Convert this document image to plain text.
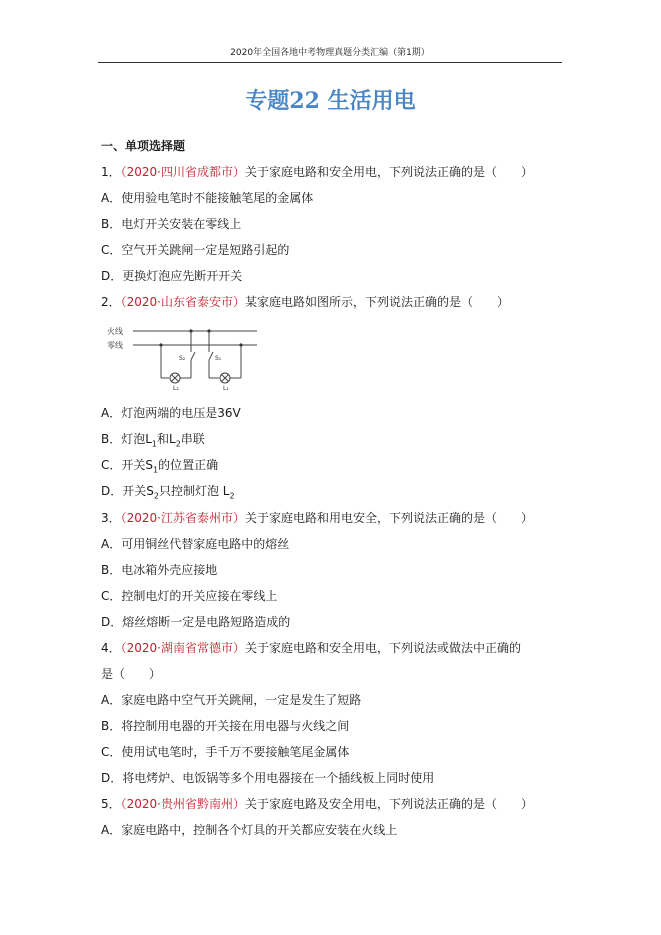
2020年全国各地中考物理真题分类汇编（第1期）
专题22 生活用电
一、单项选择题
1．（2020·四川省成都市）关于家庭电路和安全用电，下列说法正确的是（　　）
A．使用验电笔时不能接触笔尾的金属体
B．电灯开关安装在零线上
C．空气开关跳闸一定是短路引起的
D．更换灯泡应先断开开关
2．（2020·山东省泰安市）某家庭电路如图所示，下列说法正确的是（　　）
火线
零线
S₂
L₂
S₁
L₁
A．灯泡两端的电压是36V
B．灯泡$L_1$和$L_2$串联
C．开关$S_1$的位置正确
D．开关$S_2$只控制灯泡 $L_2$
3．（2020·江苏省泰州市）关于家庭电路和用电安全，下列说法正确的是（　　）
A．可用铜丝代替家庭电路中的熔丝
B．电冰箱外壳应接地
C．控制电灯的开关应接在零线上
D．熔丝熔断一定是电路短路造成的
4．（2020·湖南省常德市）关于家庭电路和安全用电，下列说法或做法中正确的
是（　　）
A．家庭电路中空气开关跳闸，一定是发生了短路
B．将控制用电器的开关接在用电器与火线之间
C．使用试电笔时，手千万不要接触笔尾金属体
D．将电烤炉、电饭锅等多个用电器接在一个插线板上同时使用
5．（2020·贵州省黔南州）关于家庭电路及安全用电，下列说法正确的是（　　）
A．家庭电路中，控制各个灯具的开关都应安装在火线上
